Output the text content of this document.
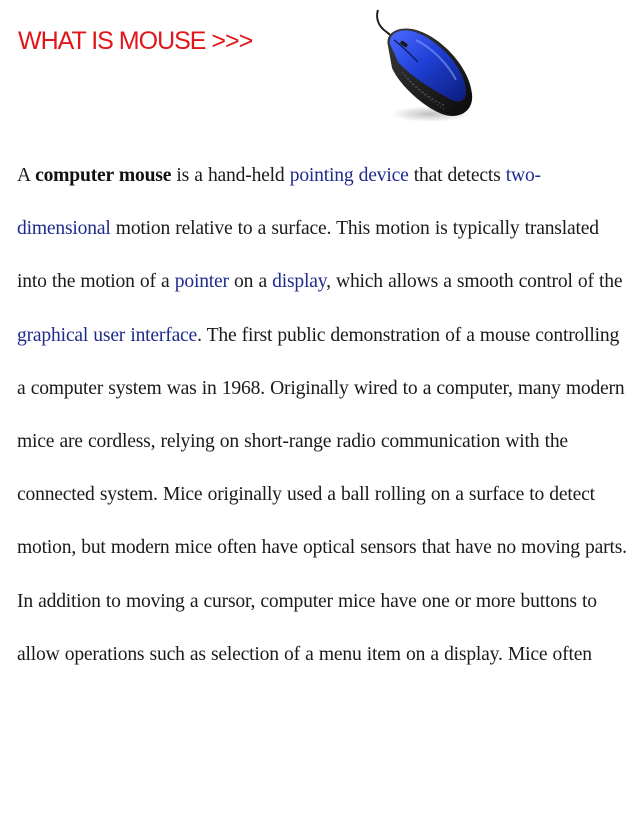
WHAT IS MOUSE >>>

A computer mouse is a hand-held pointing device that detects two-dimensional motion relative to a surface. This motion is typically translated into the motion of a pointer on a display, which allows a smooth control of the graphical user interface. The first public demonstration of a mouse controlling a computer system was in 1968. Originally wired to a computer, many modern mice are cordless, relying on short-range radio communication with the connected system. Mice originally used a ball rolling on a surface to detect motion, but modern mice often have optical sensors that have no moving parts. In addition to moving a cursor, computer mice have one or more buttons to allow operations such as selection of a menu item on a display. Mice often
